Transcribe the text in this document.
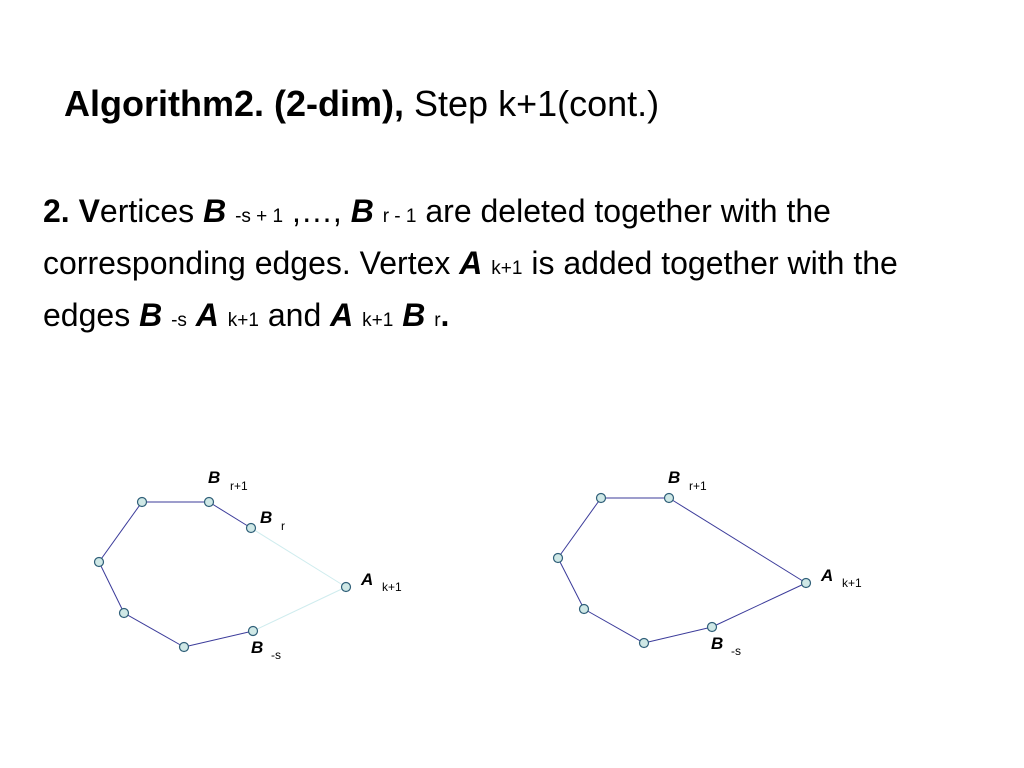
Algorithm2. (2-dim), Step k+1(cont.)
2. Vertices B -s + 1 ,…, B r - 1 are deleted together with the corresponding edges. Vertex A k+1 is added together with the edges B -s A k+1 and A k+1 B r.
B r+1
B r
A k+1
B -s
B r+1
A k+1
B -s
